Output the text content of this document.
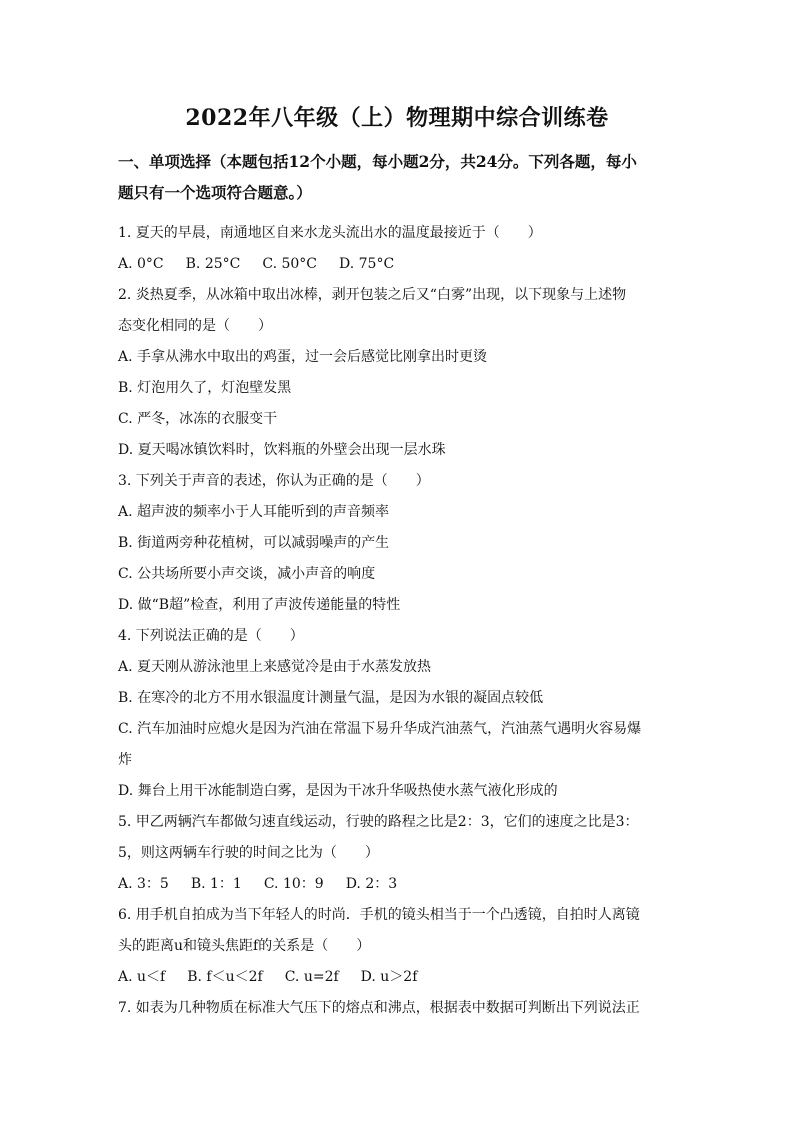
2022年八年级（上）物理期中综合训练卷
一、单项选择（本题包括12个小题，每小题2分，共24分。下列各题，每小
题只有一个选项符合题意。）
1. 夏天的早晨，南通地区自来水龙头流出水的温度最接近于（　　）
A. 0°C B. 25°C C. 50°C D. 75°C
2. 炎热夏季，从冰箱中取出冰棒，剥开包装之后又“白雾”出现，以下现象与上述物
态变化相同的是（　　）
A. 手拿从沸水中取出的鸡蛋，过一会后感觉比刚拿出时更烫
B. 灯泡用久了，灯泡壁发黑
C. 严冬，冰冻的衣服变干
D. 夏天喝冰镇饮料时，饮料瓶的外壁会出现一层水珠
3. 下列关于声音的表述，你认为正确的是（　　）
A. 超声波的频率小于人耳能听到的声音频率
B. 街道两旁种花植树，可以减弱噪声的产生
C. 公共场所要小声交谈，减小声音的响度
D. 做“B超”检查，利用了声波传递能量的特性
4. 下列说法正确的是（　　）
A. 夏天刚从游泳池里上来感觉冷是由于水蒸发放热
B. 在寒冷的北方不用水银温度计测量气温，是因为水银的凝固点较低
C. 汽车加油时应熄火是因为汽油在常温下易升华成汽油蒸气，汽油蒸气遇明火容易爆
炸
D. 舞台上用干冰能制造白雾，是因为干冰升华吸热使水蒸气液化形成的
5. 甲乙两辆汽车都做匀速直线运动，行驶的路程之比是2：3，它们的速度之比是3：
5，则这两辆车行驶的时间之比为（　　）
A. 3：5 B. 1：1 C. 10：9 D. 2：3
6. 用手机自拍成为当下年轻人的时尚．手机的镜头相当于一个凸透镜，自拍时人离镜
头的距离u和镜头焦距f的关系是（　　）
A. u＜f B. f＜u＜2f C. u=2f D. u＞2f
7. 如表为几种物质在标准大气压下的熔点和沸点，根据表中数据可判断出下列说法正
